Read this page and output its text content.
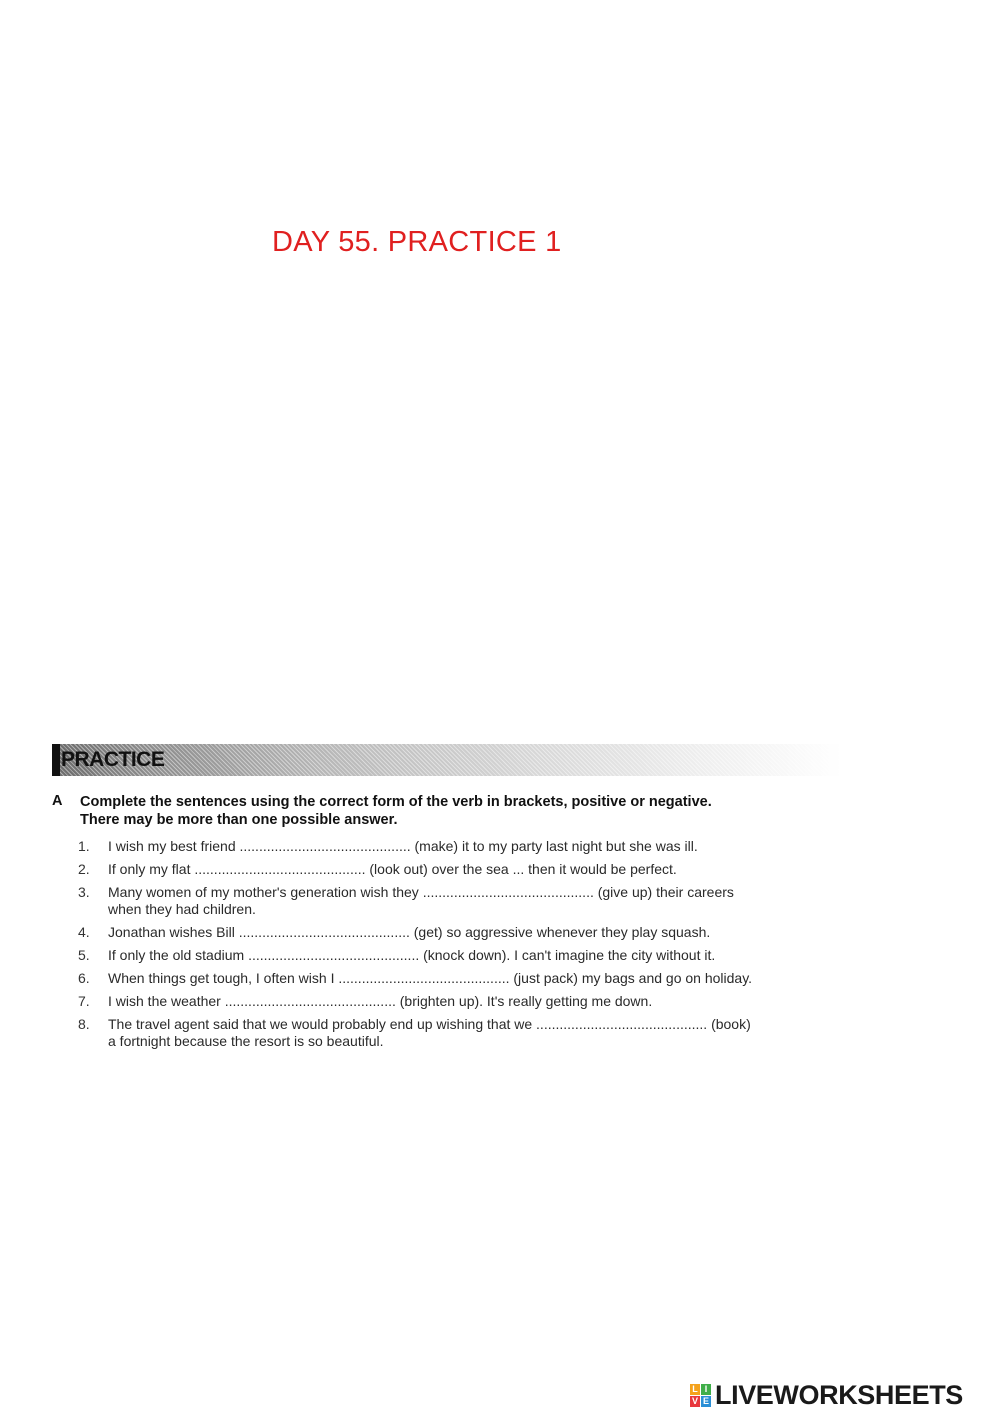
DAY 55. PRACTICE 1
PRACTICE
A Complete the sentences using the correct form of the verb in brackets, positive or negative.
There may be more than one possible answer.
1.	I wish my best friend ............................................ (make) it to my party last night but she was ill.
2.	If only my flat ............................................ (look out) over the sea ... then it would be perfect.
3.	Many women of my mother's generation wish they ............................................ (give up) their careers
when they had children.
4.	Jonathan wishes Bill ............................................ (get) so aggressive whenever they play squash.
5.	If only the old stadium ............................................ (knock down). I can't imagine the city without it.
6.	When things get tough, I often wish I ............................................ (just pack) my bags and go on holiday.
7.	I wish the weather ............................................ (brighten up). It's really getting me down.
8.	The travel agent said that we would probably end up wishing that we ............................................ (book)
a fortnight because the resort is so beautiful.
L I
V E LIVEWORKSHEETS
